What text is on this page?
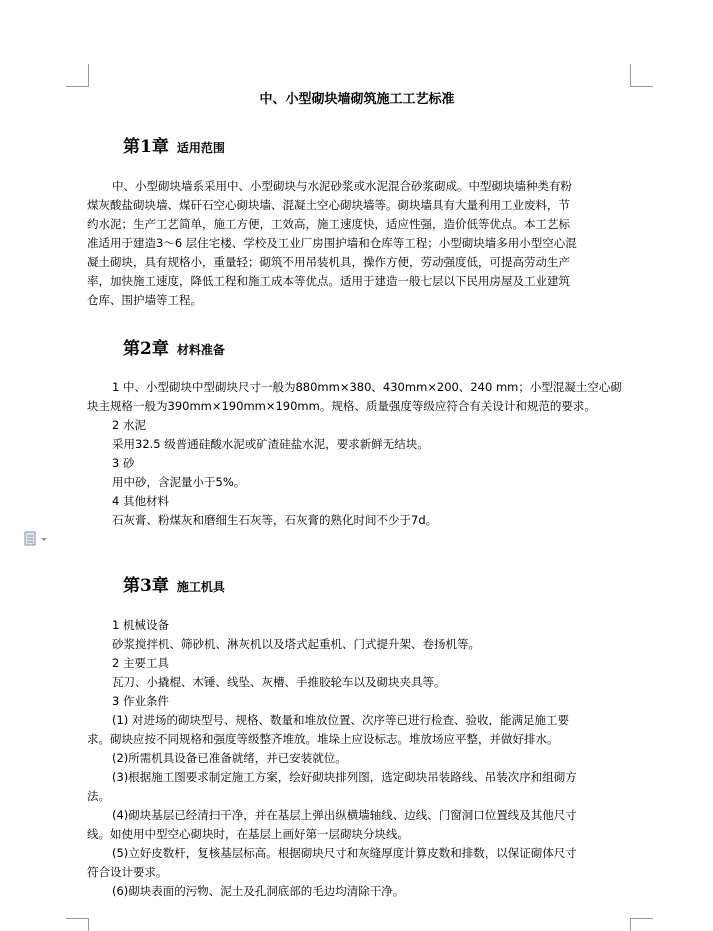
中、小型砌块墙砌筑施工工艺标准
第1章 适用范围

中、小型砌块墙系采用中、小型砌块与水泥砂浆或水泥混合砂浆砌成。中型砌块墙种类有粉
煤灰酸盐砌块墙、煤矸石空心砌块墙、混凝土空心砌块墙等。砌块墙具有大量利用工业废料，节
约水泥；生产工艺简单，施工方便，工效高，施工速度快，适应性强，造价低等优点。本工艺标
准适用于建造3～6 层住宅楼、学校及工业厂房围护墙和仓库等工程；小型砌块墙多用小型空心混
凝土砌块，具有规格小，重量轻；砌筑不用吊装机具，操作方便，劳动强度低，可提高劳动生产
率，加快施工速度，降低工程和施工成本等优点。适用于建造一般七层以下民用房屋及工业建筑
仓库、围护墙等工程。

第2章 材料准备

1 中、小型砌块中型砌块尺寸一般为880mm×380、430mm×200、240 mm；小型混凝土空心砌
块主规格一般为390mm×190mm×190mm。规格、质量强度等级应符合有关设计和规范的要求。
2 水泥
采用32.5 级普通硅酸水泥或矿渣硅盐水泥，要求新鲜无结块。
3 砂
用中砂，含泥量小于5%。
4 其他材料
石灰膏、粉煤灰和磨细生石灰等，石灰膏的熟化时间不少于7d。

第3章 施工机具

1 机械设备
砂浆搅拌机、筛砂机、淋灰机以及塔式起重机、门式提升架、卷扬机等。
2 主要工具
瓦刀、小撬棍、木锤、线坠、灰槽、手推胶轮车以及砌块夹具等。
3 作业条件
(1) 对进场的砌块型号、规格、数量和堆放位置、次序等已进行检查、验收，能满足施工要
求。砌块应按不同规格和强度等级整齐堆放。堆垛上应设标志。堆放场应平整，并做好排水。
(2)所需机具设备已准备就绪，并已安装就位。
(3)根据施工图要求制定施工方案，绘好砌块排列图，选定砌块吊装路线、吊装次序和组砌方
法。
(4)砌块基层已经清扫干净，并在基层上弹出纵横墙轴线、边线、门窗洞口位置线及其他尺寸
线。如使用中型空心砌块时，在基层上画好第一层砌块分块线。
(5)立好皮数杆，复核基层标高。根据砌块尺寸和灰缝厚度计算皮数和排数，以保证砌体尺寸
符合设计要求。
(6)砌块表面的污物、泥土及孔洞底部的毛边均清除干净。
